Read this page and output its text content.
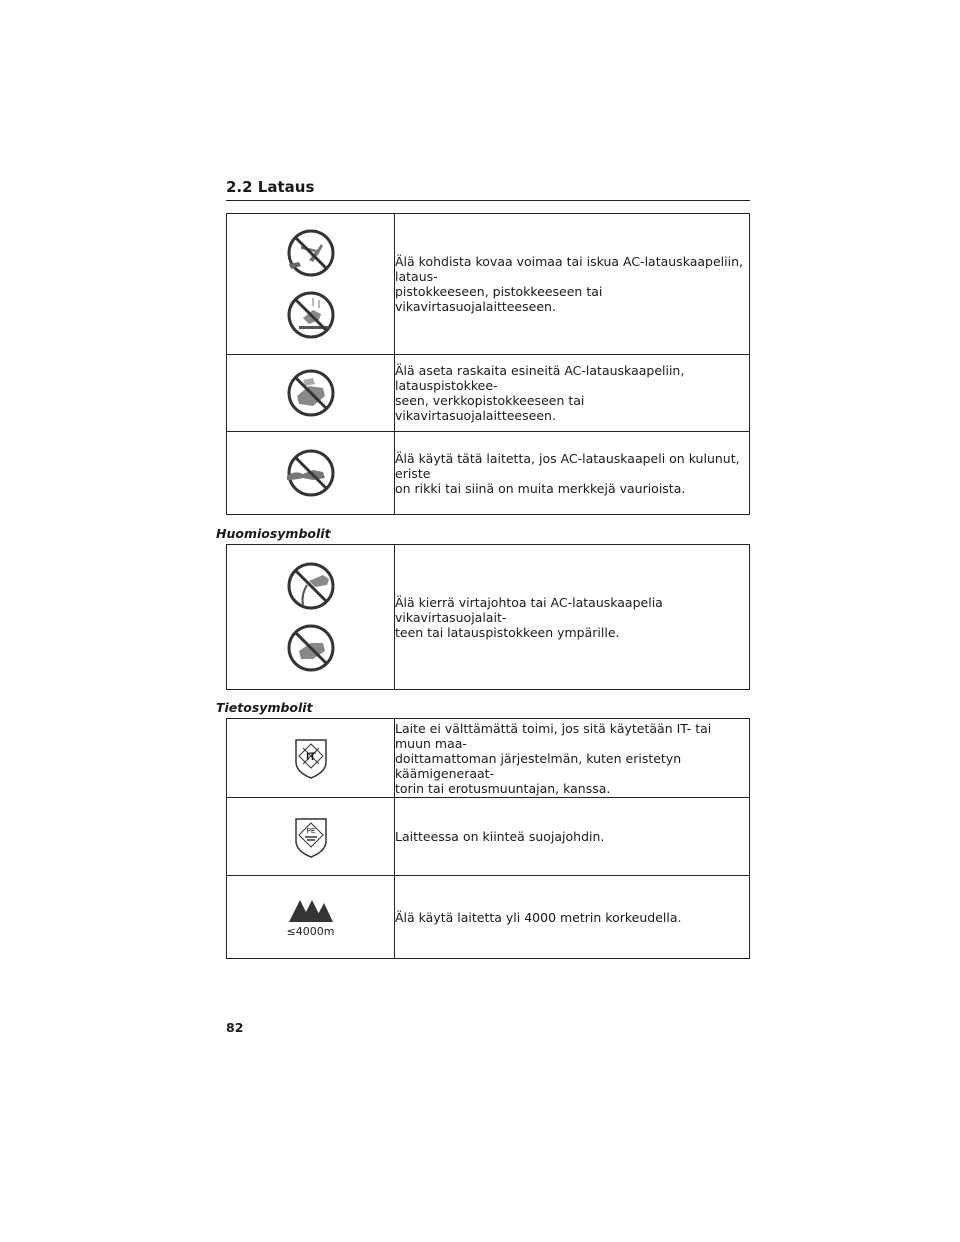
2.2 Lataus
	Älä kohdista kovaa voimaa tai iskua AC-latauskaapeliin, lataus-
pistokkeeseen, pistokkeeseen tai vikavirtasuojalaitteeseen.

	Älä aseta raskaita esineitä AC-latauskaapeliin, latauspistokkee-
seen, verkkopistokkeeseen tai vikavirtasuojalaitteeseen.

	Älä käytä tätä laitetta, jos AC-latauskaapeli on kulunut, eriste
on rikki tai siinä on muita merkkejä vaurioista.
Huomiosymbolit
	Älä kierrä virtajohtoa tai AC-latauskaapelia vikavirtasuojalait-
teen tai latauspistokkeen ympärille.
Tietosymbolit
IT	Laite ei välttämättä toimi, jos sitä käytetään IT- tai muun maa-
doittamattoman järjestelmän, kuten eristetyn käämigeneraat-
torin tai erotusmuuntajan, kanssa.

PE	Laitteessa on kiinteä suojajohdin.

≤4000m	Älä käytä laitetta yli 4000 metrin korkeudella.
82
